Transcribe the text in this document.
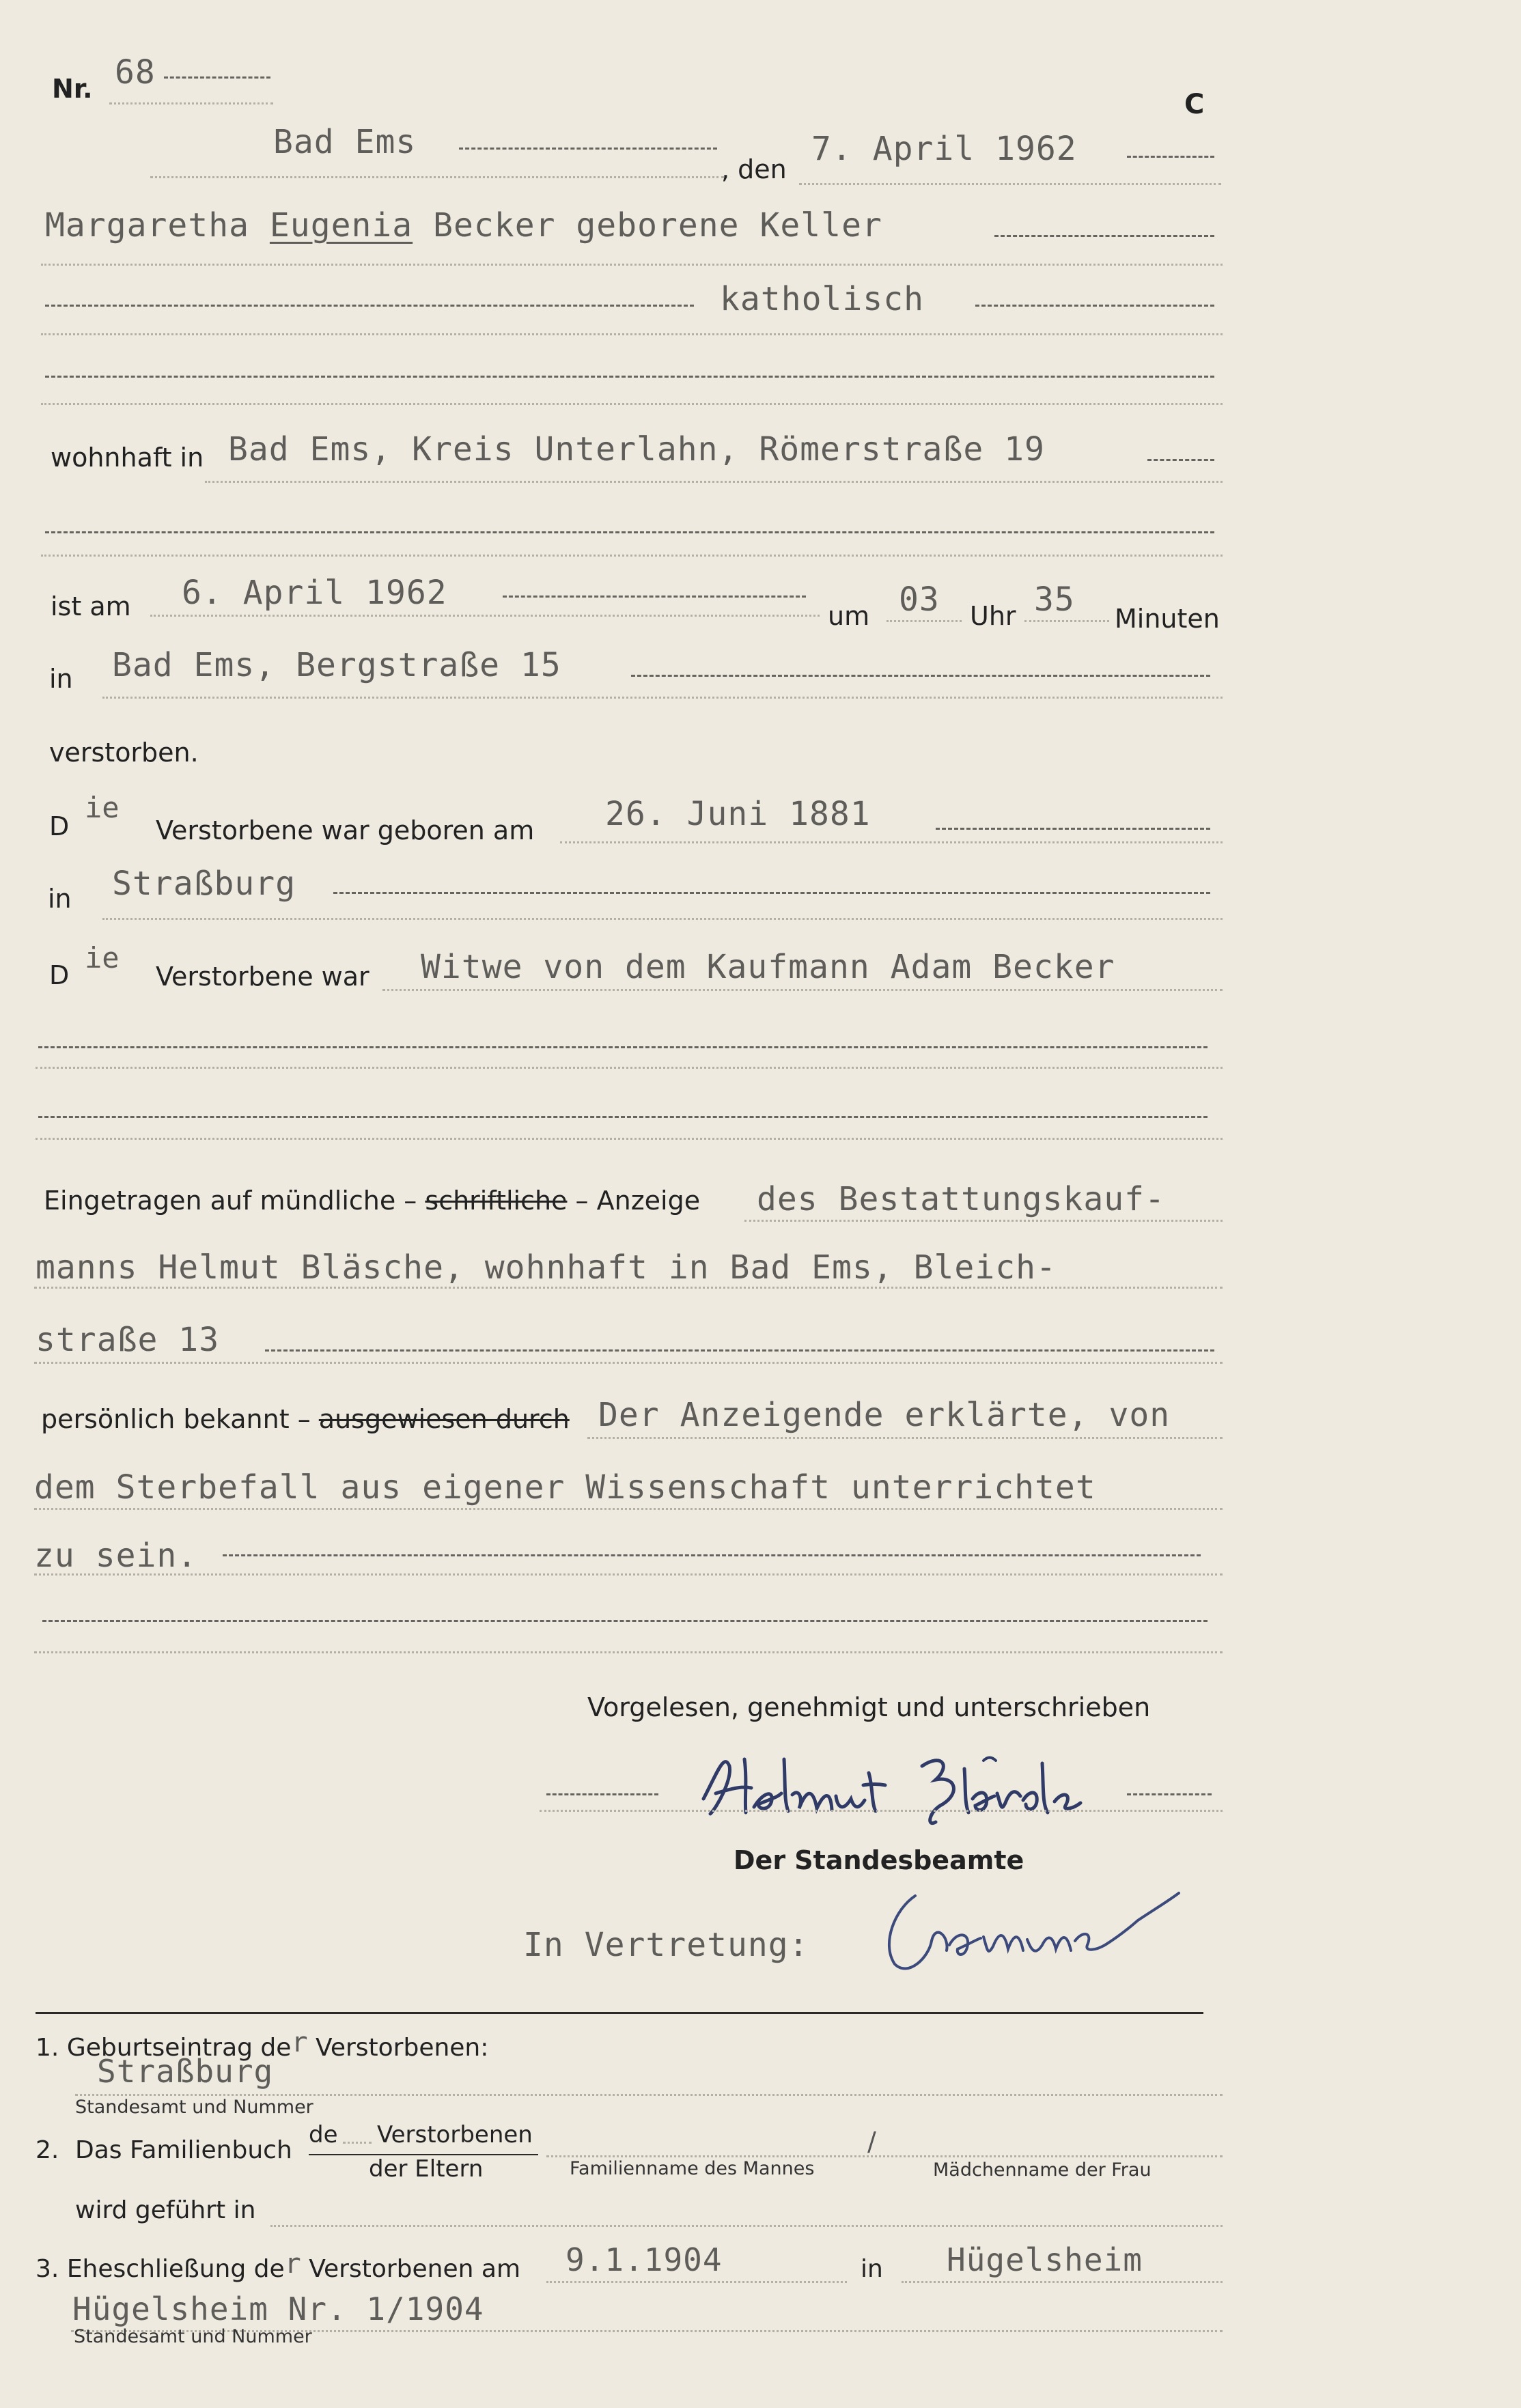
Nr. 68
C
Bad Ems
, den
7. April 1962
Margaretha Eugenia Becker geborene Keller
katholisch
wohnhaft in Bad Ems, Kreis Unterlahn, Römerstraße 19
ist am 6. April 1962
um 03 Uhr 35 Minuten
in Bad Ems, Bergstraße 15
verstorben.
D
ie
Verstorbene war geboren am 26. Juni 1881
in Straßburg
D
ie
Verstorbene war Witwe von dem Kaufmann Adam Becker
Eingetragen auf mündliche – schriftliche – Anzeige des Bestattungskauf-
manns Helmut Bläsche, wohnhaft in Bad Ems, Bleich-
straße 13
persönlich bekannt – ausgewiesen durch Der Anzeigende erklärte, von
dem Sterbefall aus eigener Wissenschaft unterrichtet
zu sein.
Vorgelesen, genehmigt und unterschrieben
Der Standesbeamte
In Vertretung:
1. Geburtseintrag der Verstorbenen:
Straßburg
Standesamt und Nummer
2. Das Familienbuch
de Verstorbenen
der Eltern	Familienname des Mannes
/
Mädchenname der Frau
wird geführt in
3. Eheschließung der Verstorbenen am 9.1.1904	in Hügelsheim
Hügelsheim Nr. 1/1904
Standesamt und Nummer
